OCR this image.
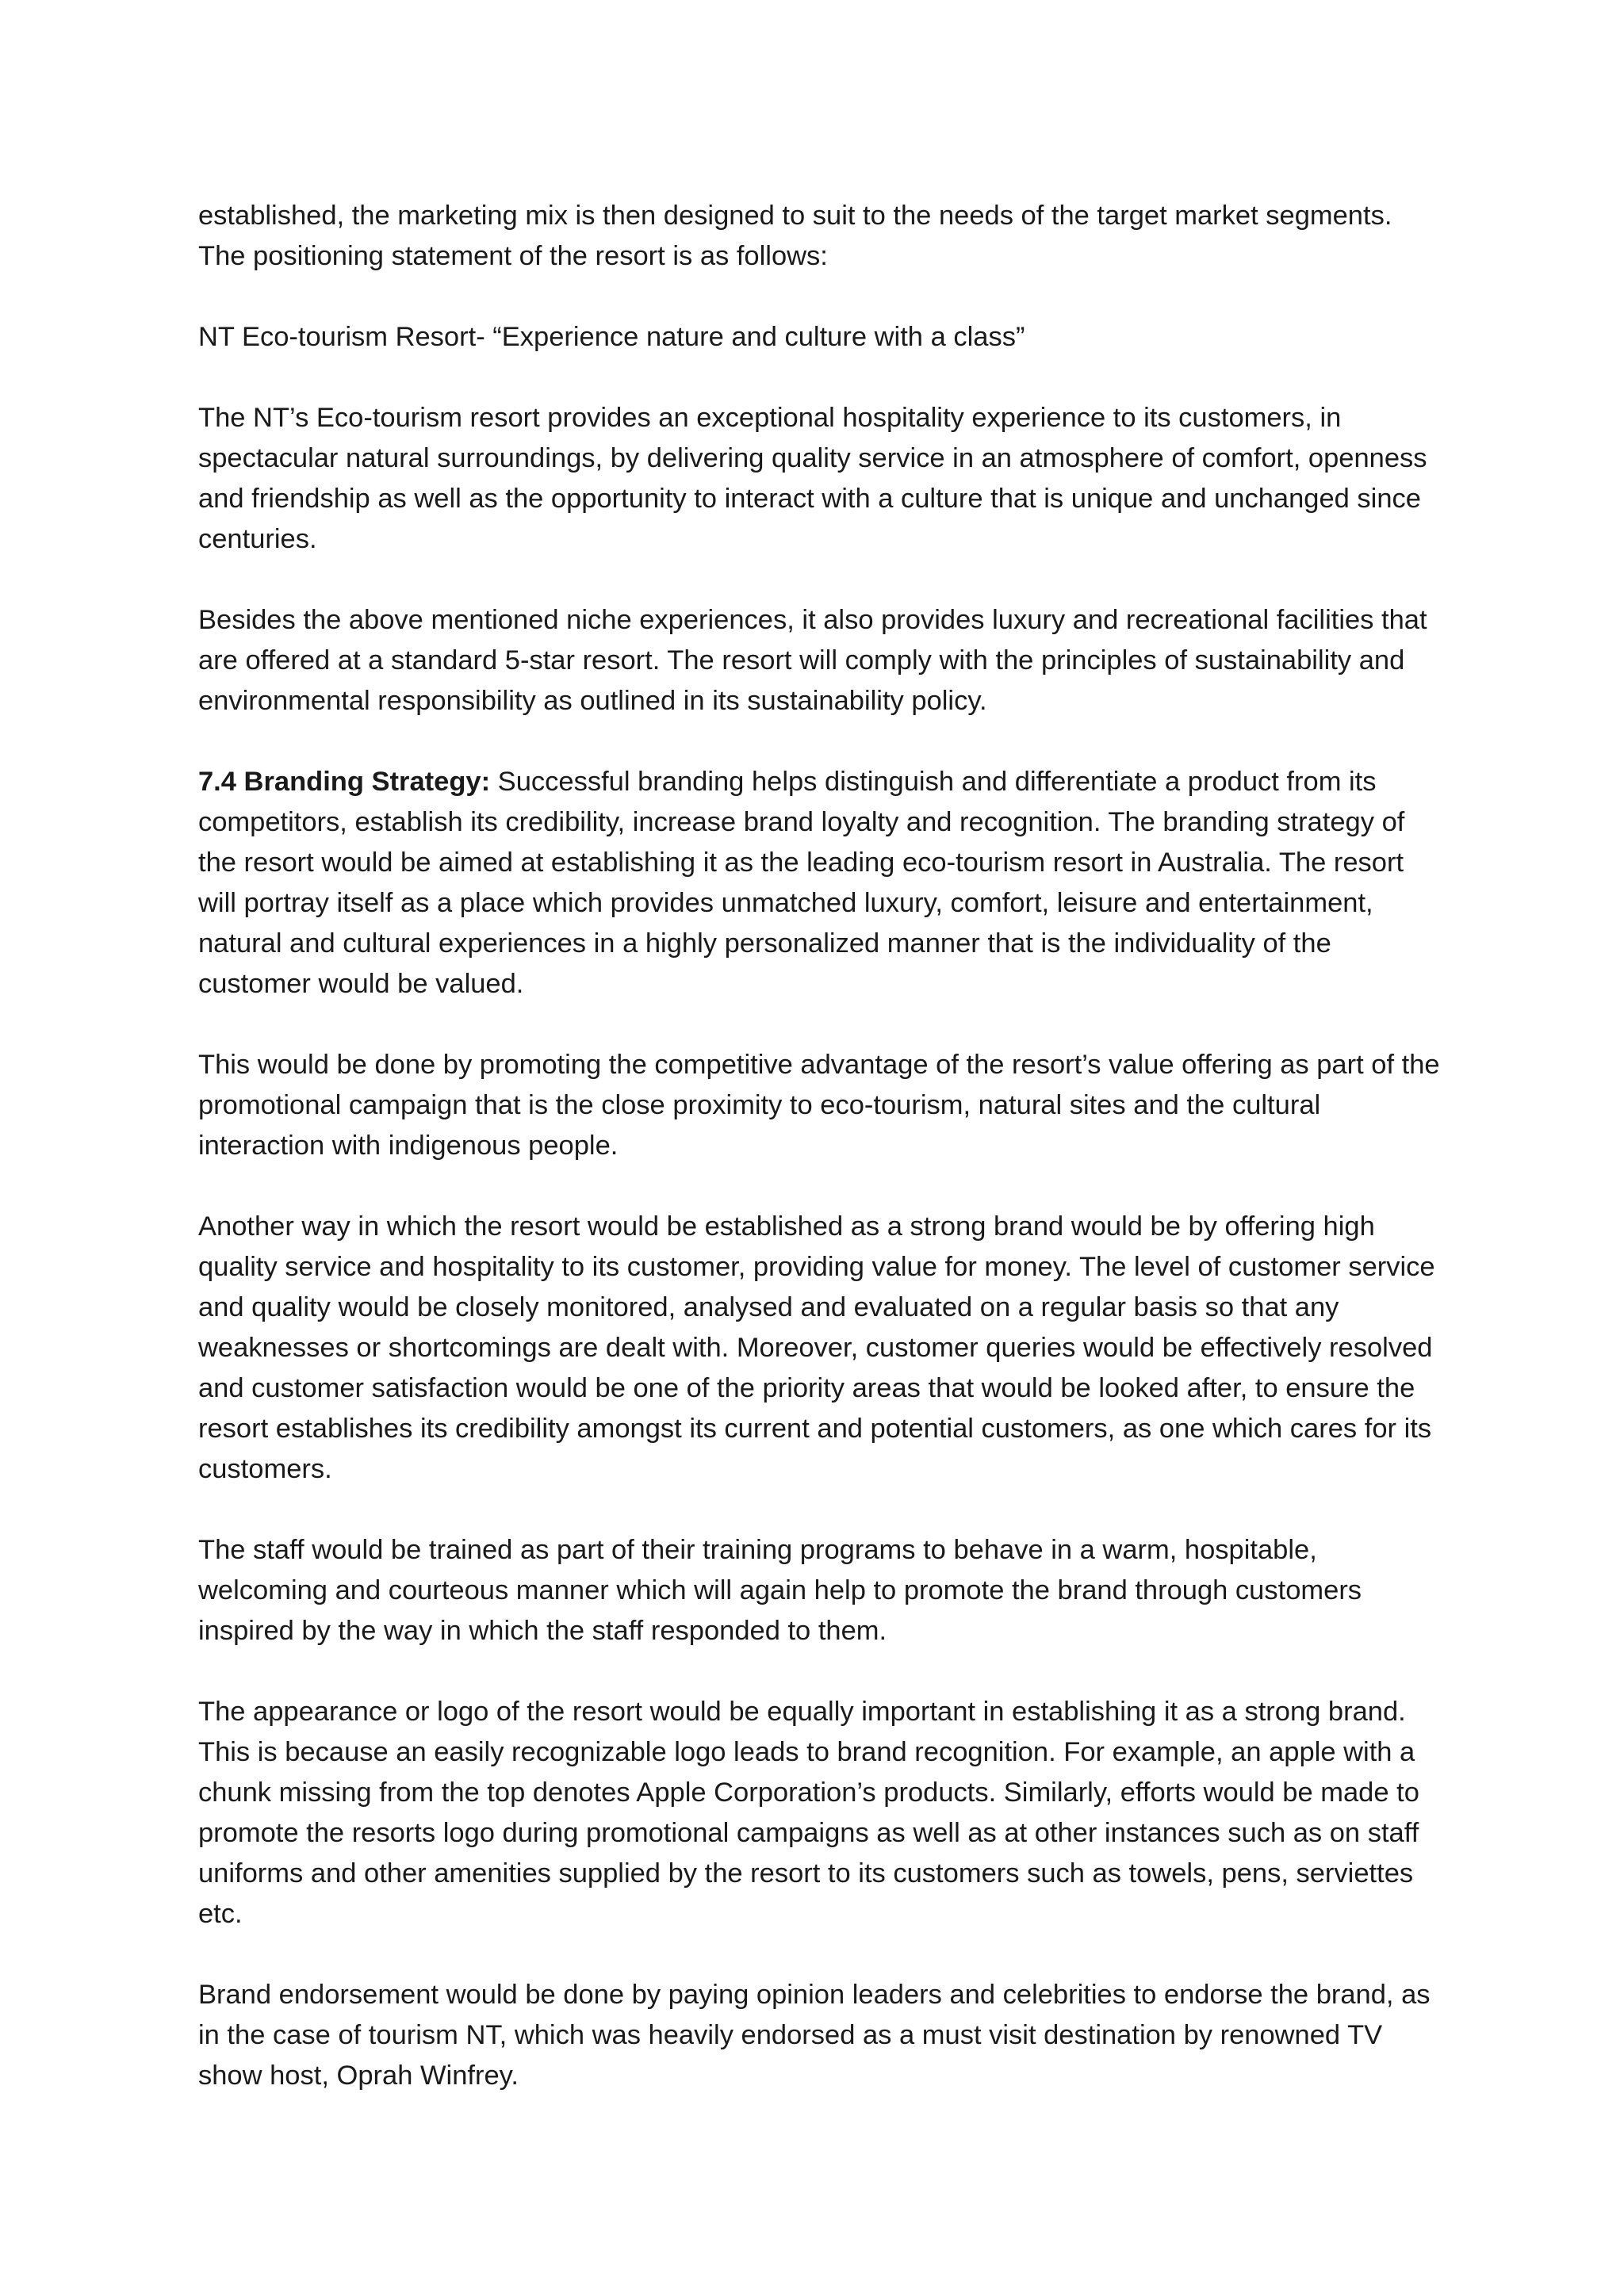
established, the marketing mix is then designed to suit to the needs of the target market segments. The positioning statement of the resort is as follows:

NT Eco-tourism Resort- “Experience nature and culture with a class”

The NT’s Eco-tourism resort provides an exceptional hospitality experience to its customers, in spectacular natural surroundings, by delivering quality service in an atmosphere of comfort, openness and friendship as well as the opportunity to interact with a culture that is unique and unchanged since centuries.

Besides the above mentioned niche experiences, it also provides luxury and recreational facilities that are offered at a standard 5-star resort. The resort will comply with the principles of sustainability and environmental responsibility as outlined in its sustainability policy.

7.4 Branding Strategy: Successful branding helps distinguish and differentiate a product from its competitors, establish its credibility, increase brand loyalty and recognition. The branding strategy of the resort would be aimed at establishing it as the leading eco-tourism resort in Australia. The resort will portray itself as a place which provides unmatched luxury, comfort, leisure and entertainment, natural and cultural experiences in a highly personalized manner that is the individuality of the customer would be valued.

This would be done by promoting the competitive advantage of the resort’s value offering as part of the promotional campaign that is the close proximity to eco-tourism, natural sites and the cultural interaction with indigenous people.

Another way in which the resort would be established as a strong brand would be by offering high quality service and hospitality to its customer, providing value for money. The level of customer service and quality would be closely monitored, analysed and evaluated on a regular basis so that any weaknesses or shortcomings are dealt with. Moreover, customer queries would be effectively resolved and customer satisfaction would be one of the priority areas that would be looked after, to ensure the resort establishes its credibility amongst its current and potential customers, as one which cares for its customers.

The staff would be trained as part of their training programs to behave in a warm, hospitable, welcoming and courteous manner which will again help to promote the brand through customers inspired by the way in which the staff responded to them.

The appearance or logo of the resort would be equally important in establishing it as a strong brand. This is because an easily recognizable logo leads to brand recognition. For example, an apple with a chunk missing from the top denotes Apple Corporation’s products. Similarly, efforts would be made to promote the resorts logo during promotional campaigns as well as at other instances such as on staff uniforms and other amenities supplied by the resort to its customers such as towels, pens, serviettes etc.

Brand endorsement would be done by paying opinion leaders and celebrities to endorse the brand, as in the case of tourism NT, which was heavily endorsed as a must visit destination by renowned TV show host, Oprah Winfrey.
